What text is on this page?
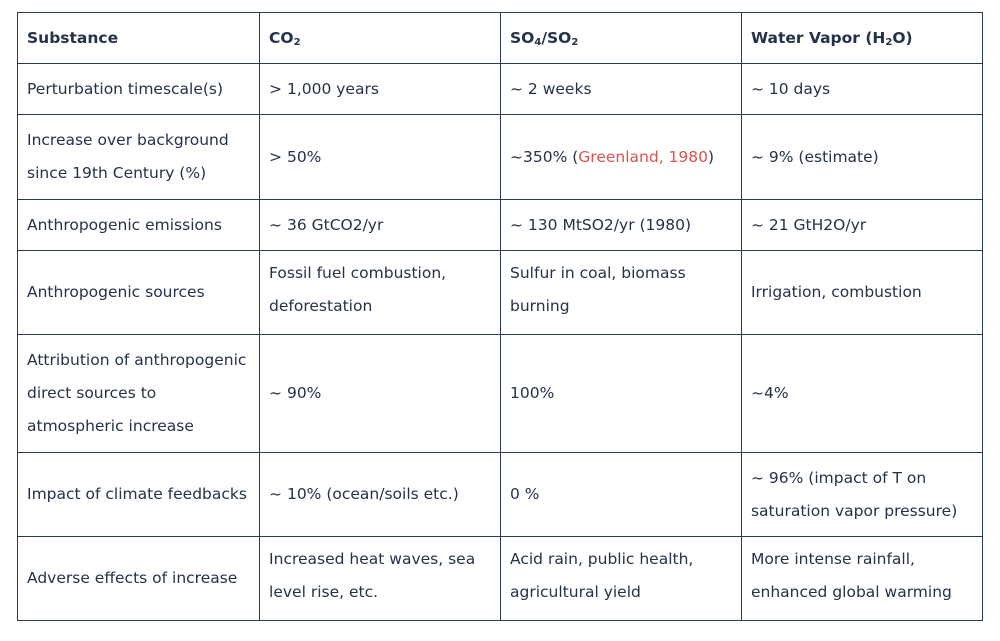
Substance	$CO_2$	$SO_4/SO_2$	Water Vapor $(H_2O)$
Perturbation timescale(s)	> 1,000 years	~ 2 weeks	~ 10 days
Increase over background since 19th Century (%)	> 50%	~350% (Greenland, 1980)	~ 9% (estimate)
Anthropogenic emissions	~ 36 GtCO2/yr	~ 130 MtSO2/yr (1980)	~ 21 GtH2O/yr
Anthropogenic sources	Fossil fuel combustion, deforestation	Sulfur in coal, biomass burning	Irrigation, combustion
Attribution of anthropogenic direct sources to atmospheric increase	~ 90%	100%	~4%
Impact of climate feedbacks	~ 10% (ocean/soils etc.)	0 %	~ 96% (impact of T on saturation vapor pressure)
Adverse effects of increase	Increased heat waves, sea level rise, etc.	Acid rain, public health, agricultural yield	More intense rainfall, enhanced global warming
